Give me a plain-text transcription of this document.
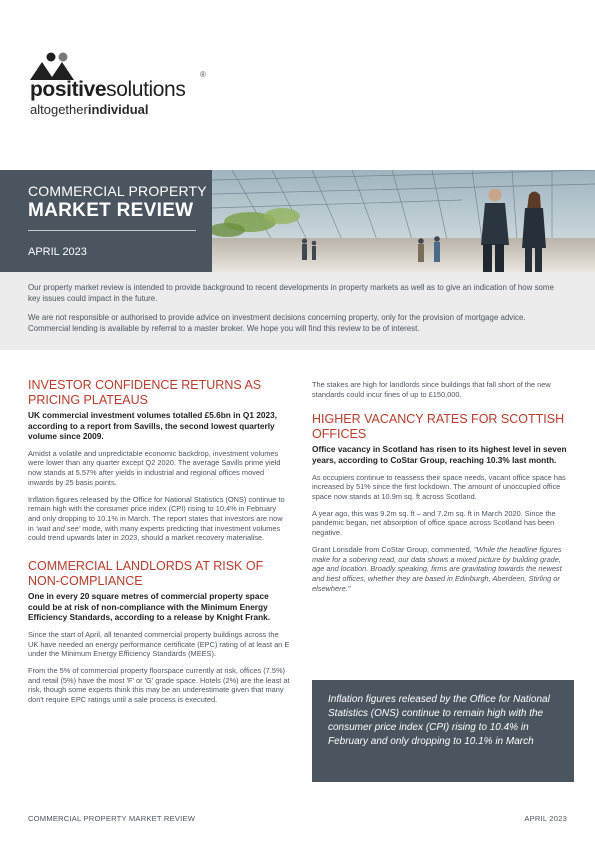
positivesolutions
altogetherindividual
®
COMMERCIAL PROPERTY
MARKET REVIEW
APRIL 2023

Our property market review is intended to provide background to recent developments in property markets as well as to give an indication of how some key issues could impact in the future.

We are not responsible or authorised to provide advice on investment decisions concerning property, only for the provision of mortgage advice. Commercial lending is available by referral to a master broker. We hope you will find this review to be of interest.

INVESTOR CONFIDENCE RETURNS AS PRICING PLATEAUS
UK commercial investment volumes totalled £5.6bn in Q1 2023, according to a report from Savills, the second lowest quarterly volume since 2009.
Amidst a volatile and unpredictable economic backdrop, investment volumes were lower than any quarter except Q2 2020. The average Savills prime yield now stands at 5.57% after yields in industrial and regional offices moved inwards by 25 basis points.
Inflation figures released by the Office for National Statistics (ONS) continue to remain high with the consumer price index (CPI) rising to 10.4% in February and only dropping to 10.1% in March. The report states that investors are now in 'wait and see' mode, with many experts predicting that investment volumes could trend upwards later in 2023, should a market recovery materialise.
COMMERCIAL LANDLORDS AT RISK OF NON-COMPLIANCE
One in every 20 square metres of commercial property space could be at risk of non-compliance with the Minimum Energy Efficiency Standards, according to a release by Knight Frank.
Since the start of April, all tenanted commercial property buildings across the UK have needed an energy performance certificate (EPC) rating of at least an E under the Minimum Energy Efficiency Standards (MEES).
From the 5% of commercial property floorspace currently at risk, offices (7.5%) and retail (5%) have the most 'F' or 'G' grade space. Hotels (2%) are the least at risk, though some experts think this may be an underestimate given that many don't require EPC ratings until a sale process is executed.
The stakes are high for landlords since buildings that fall short of the new standards could incur fines of up to £150,000.
HIGHER VACANCY RATES FOR SCOTTISH OFFICES
Office vacancy in Scotland has risen to its highest level in seven years, according to CoStar Group, reaching 10.3% last month.
As occupiers continue to reassess their space needs, vacant office space has increased by 51% since the first lockdown. The amount of unoccupied office space now stands at 10.9m sq. ft across Scotland.
A year ago, this was 9.2m sq. ft – and 7.2m sq. ft in March 2020. Since the pandemic began, net absorption of office space across Scotland has been negative.
Grant Lonsdale from CoStar Group, commented, "While the headline figures make for a sobering read, our data shows a mixed picture by building grade, age and location. Broadly speaking, firms are gravitating towards the newest and best offices, whether they are based in Edinburgh, Aberdeen, Stirling or elsewhere."

Inflation figures released by the Office for National Statistics (ONS) continue to remain high with the consumer price index (CPI) rising to 10.4% in February and only dropping to 10.1% in March

COMMERCIAL PROPERTY MARKET REVIEW	APRIL 2023
